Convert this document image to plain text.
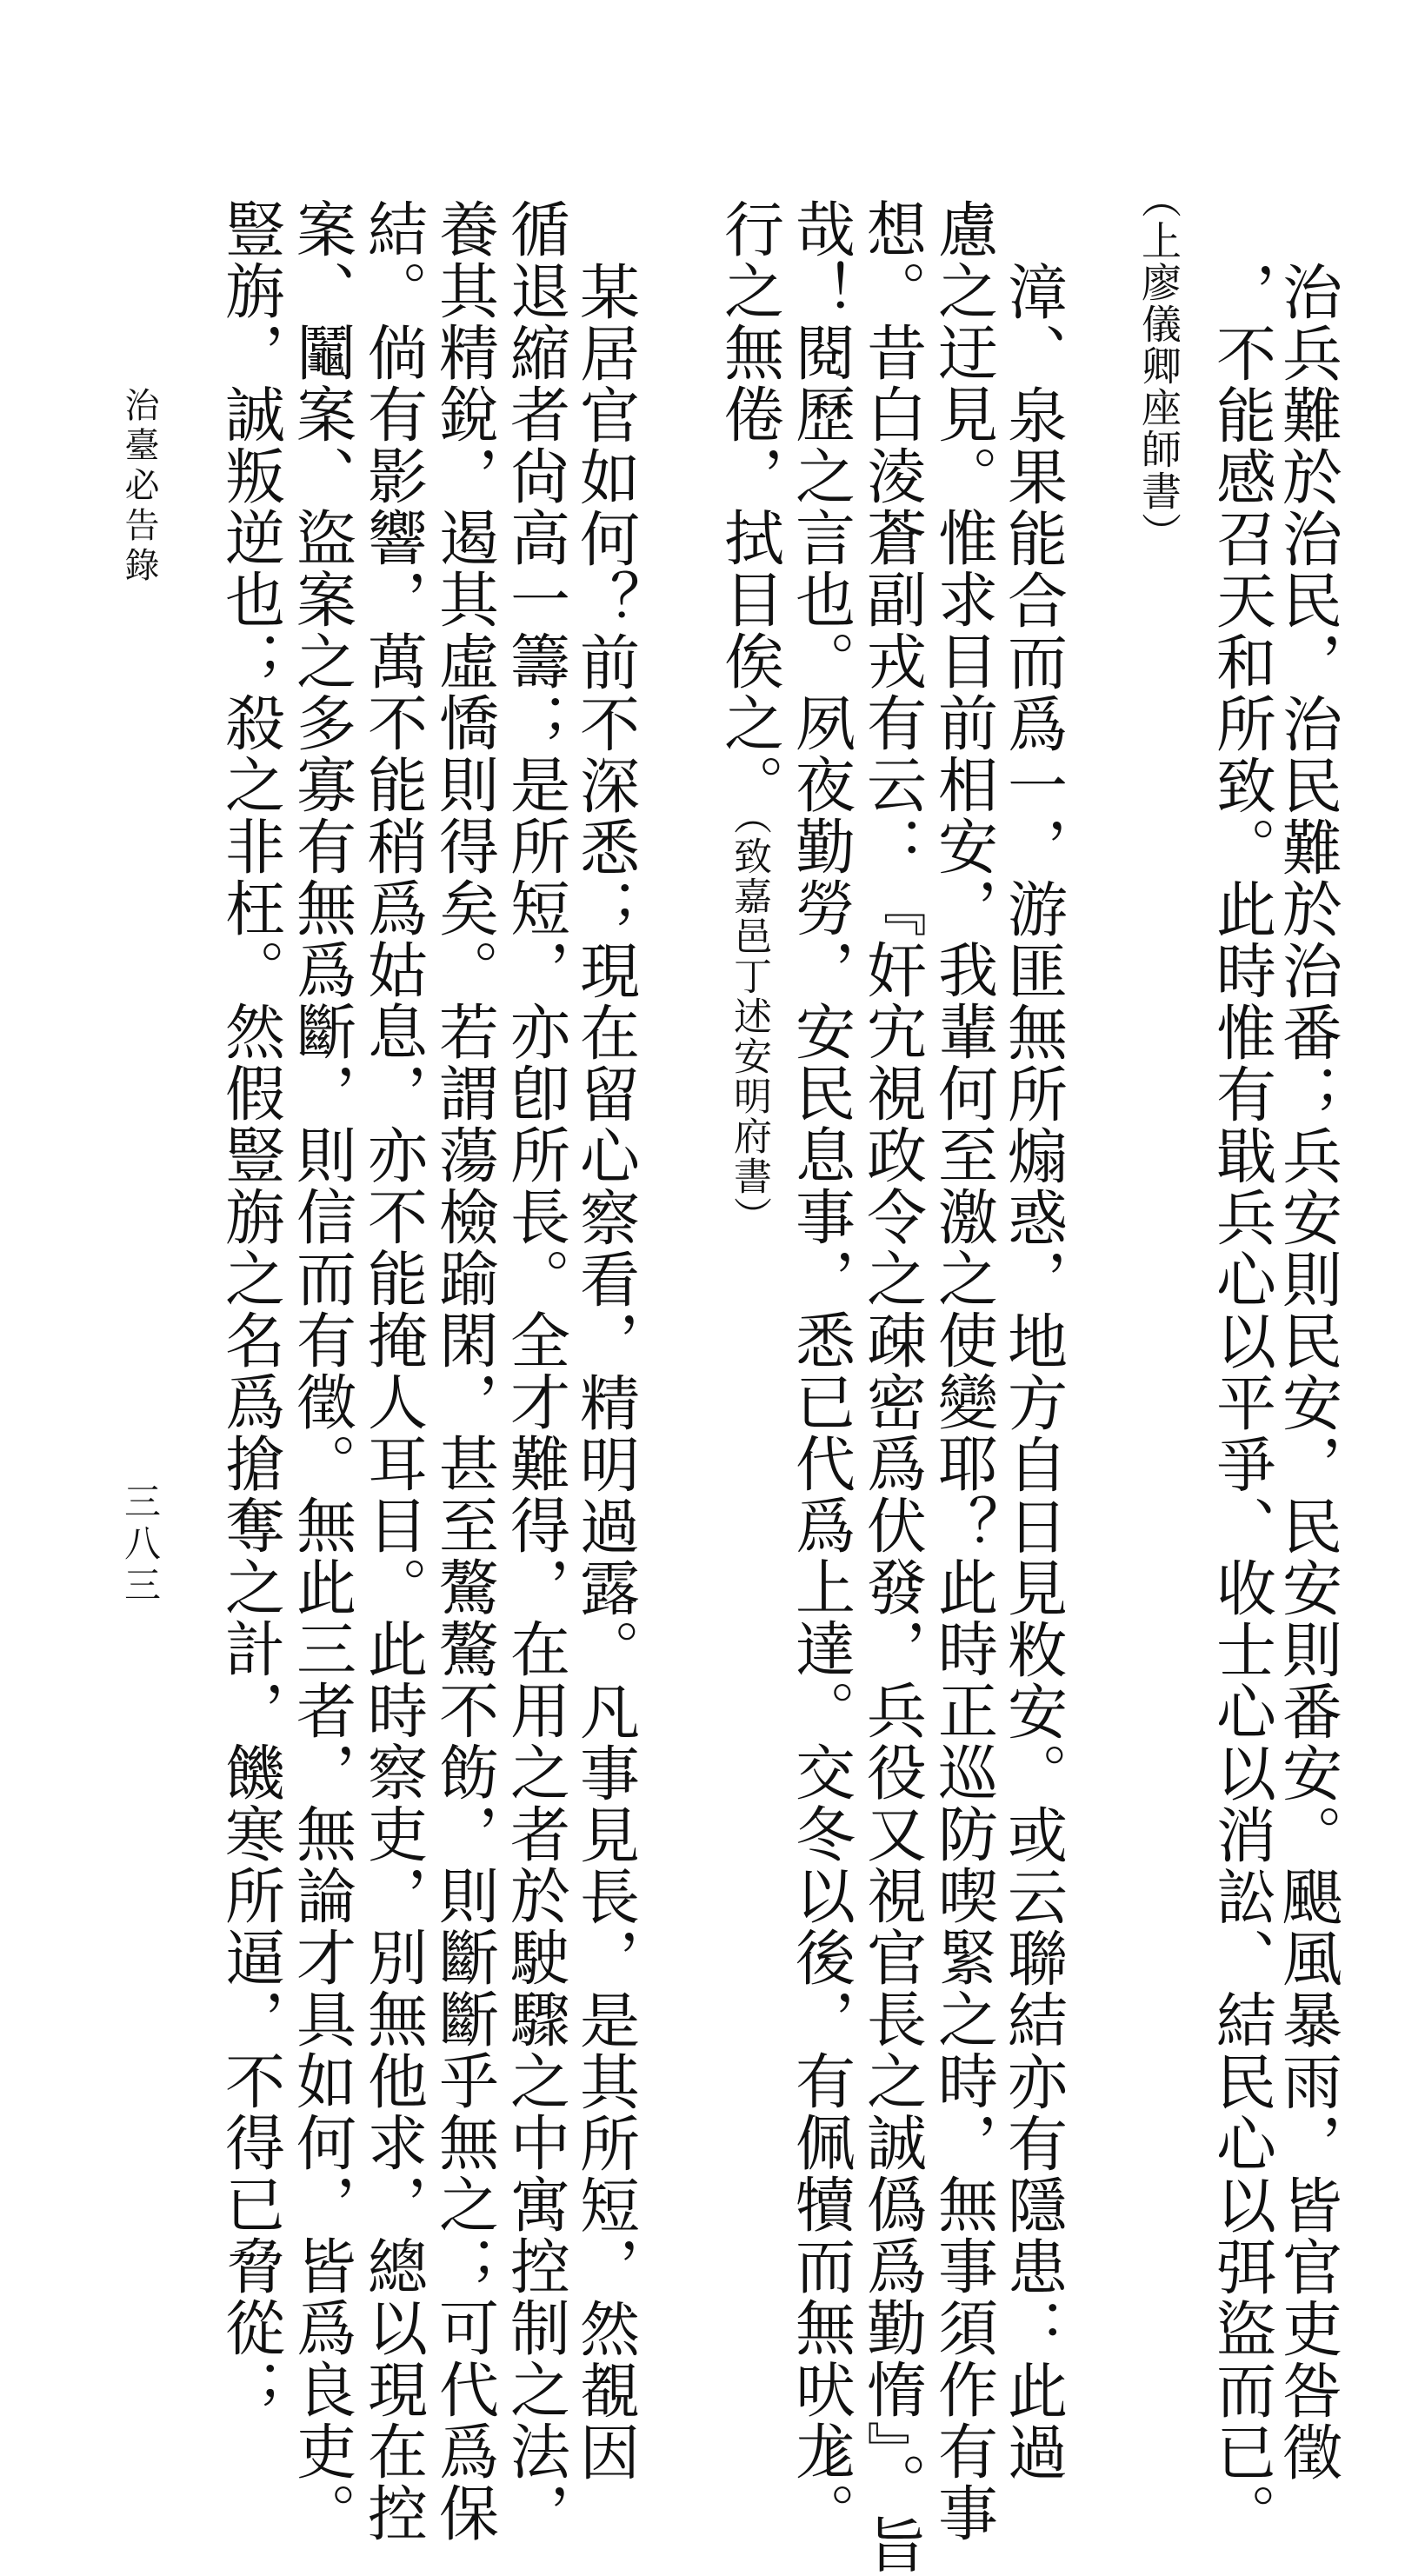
治兵難於治民，治民難於治番；兵安則民安，民安則番安。颶風暴雨，皆官吏咎徵
，不能感召天和所致。此時惟有戢兵心以平爭、收士心以消訟、結民心以弭盜而已。
（上廖儀卿座師書）
漳、泉果能合而爲一，游匪無所煽惑，地方自日見敉安。或云聯結亦有隱患：此過
慮之迂見。惟求目前相安，我輩何至激之使變耶？此時正巡防喫緊之時，無事須作有事
想。昔白淩蒼副戎有云：『奸宄視政令之疎密爲伏發，兵役又視官長之誠僞爲勤惰』。旨
哉！閱歷之言也。夙夜勤勞，安民息事，悉已代爲上達。交冬以後，有佩犢而無吠尨。
行之無倦，拭目俟之。（致嘉邑丁述安明府書）
某居官如何？前不深悉；現在留心察看，精明過露。凡事見長，是其所短，然覩因
循退縮者尙高一籌；是所短，亦卽所長。全才難得，在用之者於駛驟之中寓控制之法，
養其精銳，遏其虛憍則得矣。若謂蕩檢踰閑，甚至驁驁不飭，則斷斷乎無之；可代爲保
結。倘有影響，萬不能稍爲姑息，亦不能掩人耳目。此時察吏，別無他求，總以現在控
案、鬮案、盜案之多寡有無爲斷，則信而有徵。無此三者，無論才具如何，皆爲良吏。
豎旃，誠叛逆也；殺之非枉。然假豎旃之名爲搶奪之計，饑寒所逼，不得已脅從；
治臺必告錄
三八三
